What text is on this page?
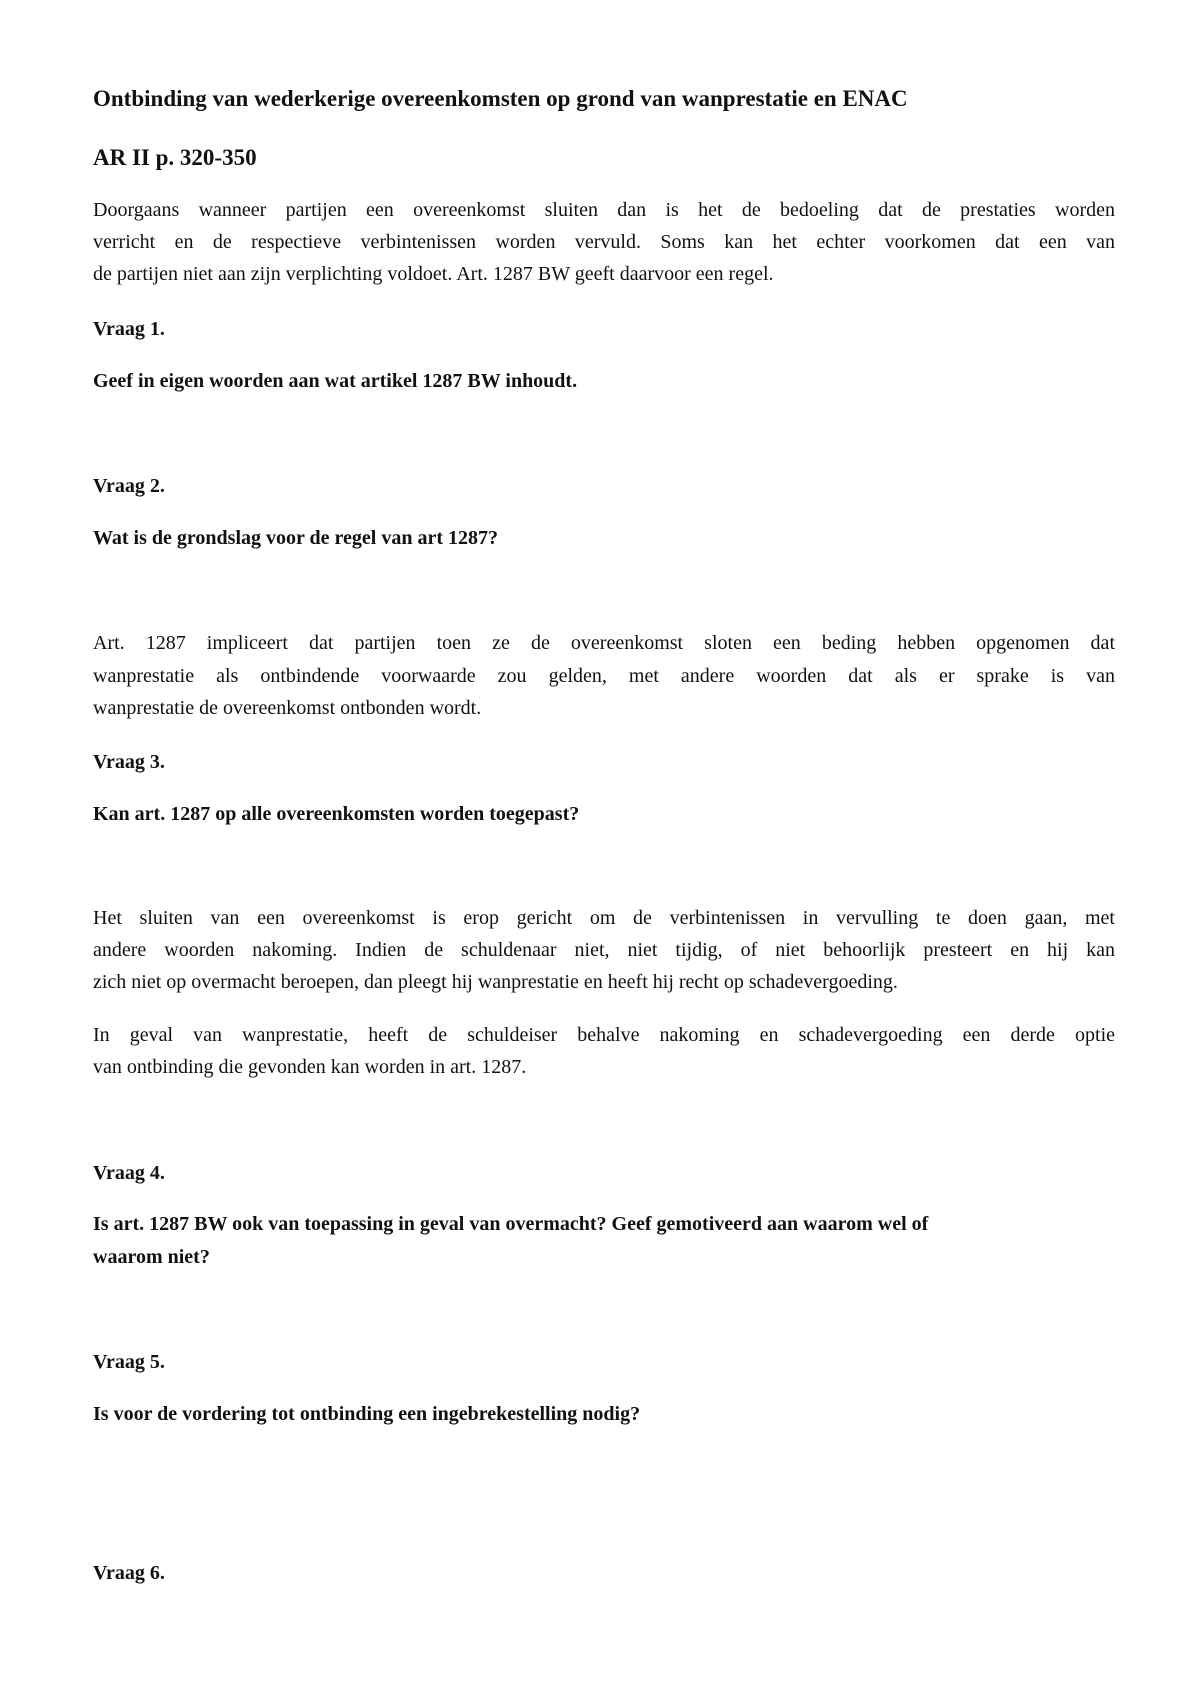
Ontbinding van wederkerige overeenkomsten op grond van wanprestatie en ENAC

AR II p. 320-350

Doorgaans wanneer partijen een overeenkomst sluiten dan is het de bedoeling dat de prestaties worden

verricht en de respectieve verbintenissen worden vervuld. Soms kan het echter voorkomen dat een van

de partijen niet aan zijn verplichting voldoet. Art. 1287 BW geeft daarvoor een regel.

Vraag 1.

Geef in eigen woorden aan wat artikel 1287 BW inhoudt.

Vraag 2.

Wat is de grondslag voor de regel van art 1287?

Art. 1287 impliceert dat partijen toen ze de overeenkomst sloten een beding hebben opgenomen dat

wanprestatie als ontbindende voorwaarde zou gelden, met andere woorden dat als er sprake is van

wanprestatie de overeenkomst ontbonden wordt.

Vraag 3.

Kan art. 1287 op alle overeenkomsten worden toegepast?

Het sluiten van een overeenkomst is erop gericht om de verbintenissen in vervulling te doen gaan, met

andere woorden nakoming. Indien de schuldenaar niet, niet tijdig, of niet behoorlijk presteert en hij kan

zich niet op overmacht beroepen, dan pleegt hij wanprestatie en heeft hij recht op schadevergoeding.

In geval van wanprestatie, heeft de schuldeiser behalve nakoming en schadevergoeding een derde optie

van ontbinding die gevonden kan worden in art. 1287.

Vraag 4.

Is art. 1287 BW ook van toepassing in geval van overmacht? Geef gemotiveerd aan waarom wel of

waarom niet?

Vraag 5.

Is voor de vordering tot ontbinding een ingebrekestelling nodig?

Vraag 6.
